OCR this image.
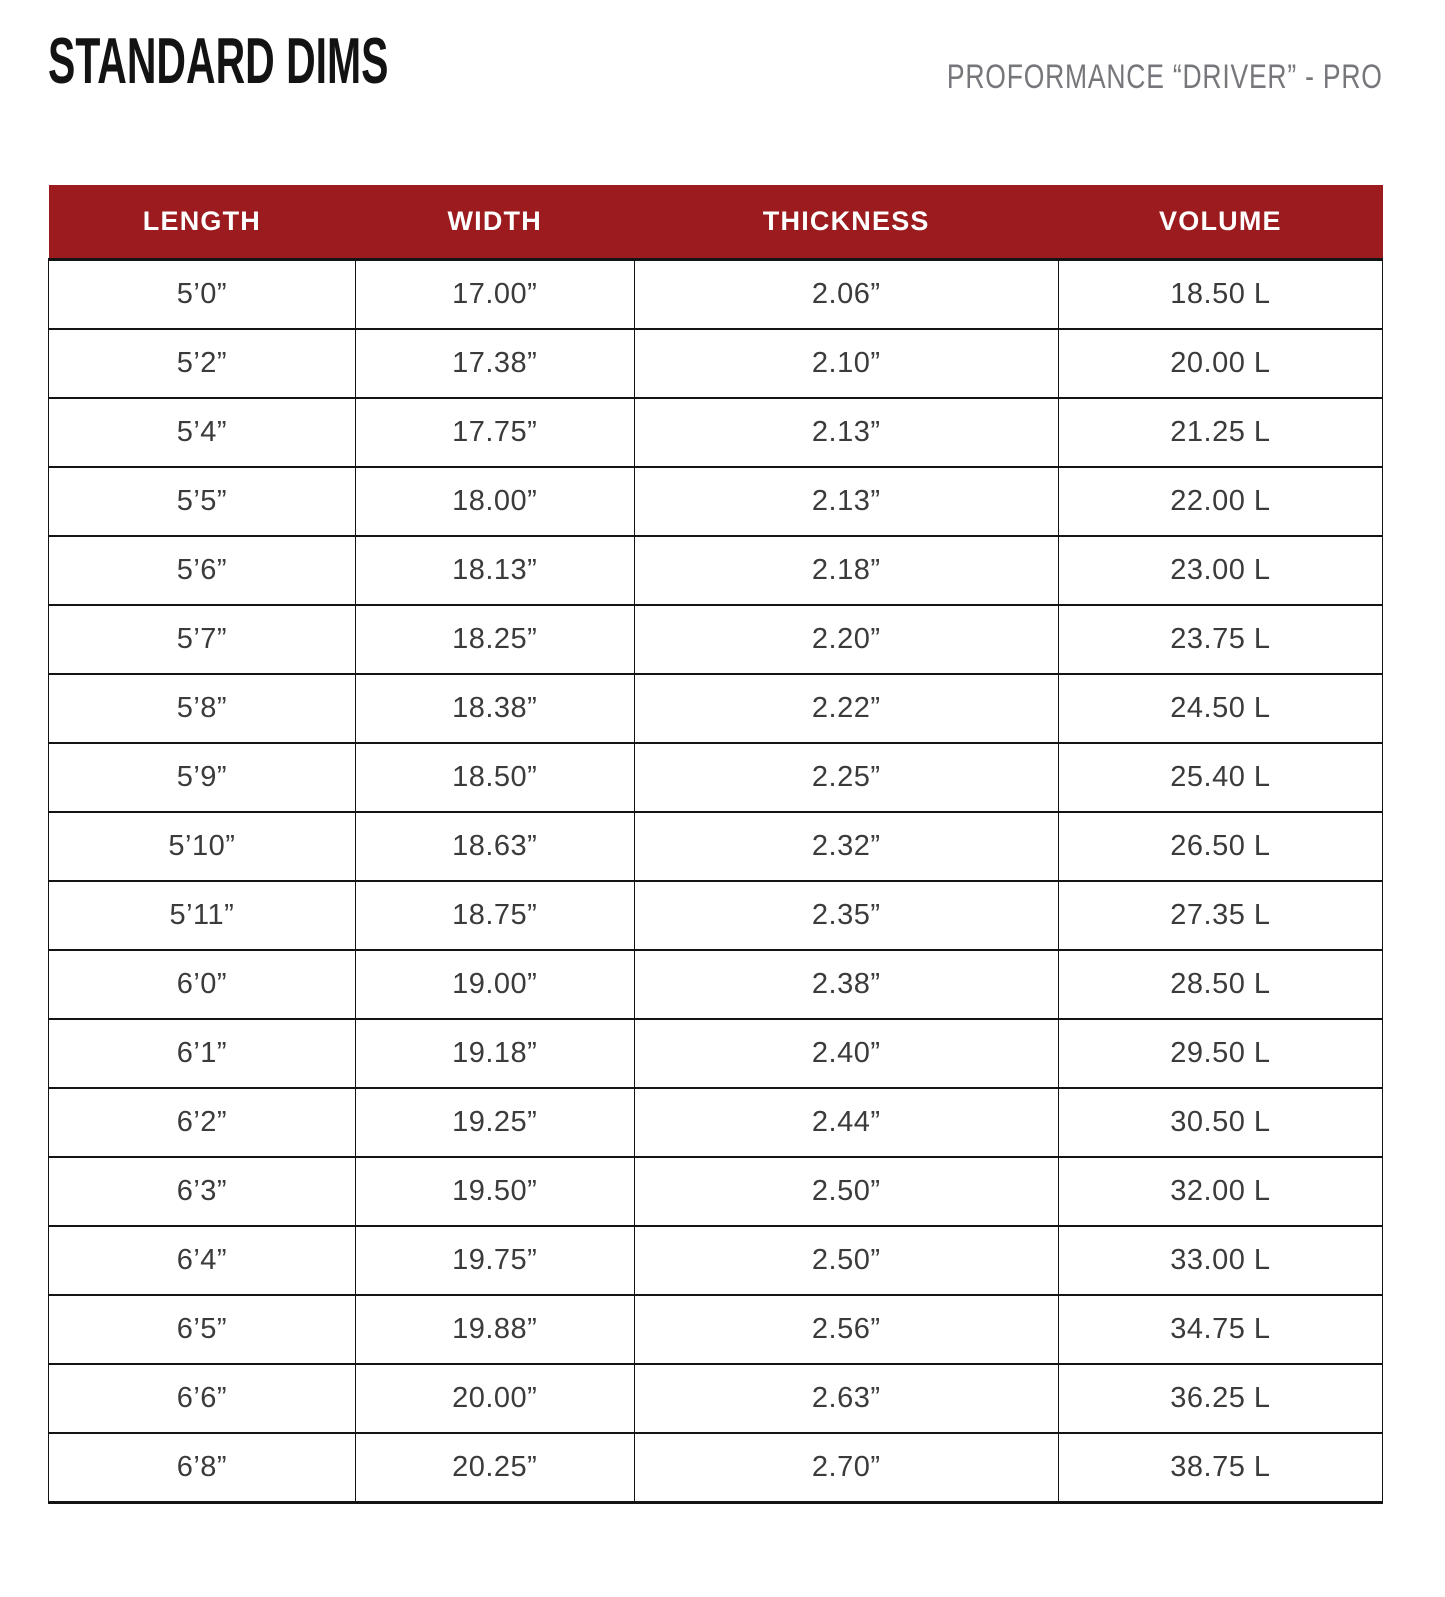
STANDARD DIMS	PROFORMANCE “DRIVER” - PRO
LENGTH	WIDTH	THICKNESS	VOLUME
5’0”	17.00”	2.06”	18.50 L
5’2”	17.38”	2.10”	20.00 L
5’4”	17.75”	2.13”	21.25 L
5’5”	18.00”	2.13”	22.00 L
5’6”	18.13”	2.18”	23.00 L
5’7”	18.25”	2.20”	23.75 L
5’8”	18.38”	2.22”	24.50 L
5’9”	18.50”	2.25”	25.40 L
5’10”	18.63”	2.32”	26.50 L
5’11”	18.75”	2.35”	27.35 L
6’0”	19.00”	2.38”	28.50 L
6’1”	19.18”	2.40”	29.50 L
6’2”	19.25”	2.44”	30.50 L
6’3”	19.50”	2.50”	32.00 L
6’4”	19.75”	2.50”	33.00 L
6’5”	19.88”	2.56”	34.75 L
6’6”	20.00”	2.63”	36.25 L
6’8”	20.25”	2.70”	38.75 L
